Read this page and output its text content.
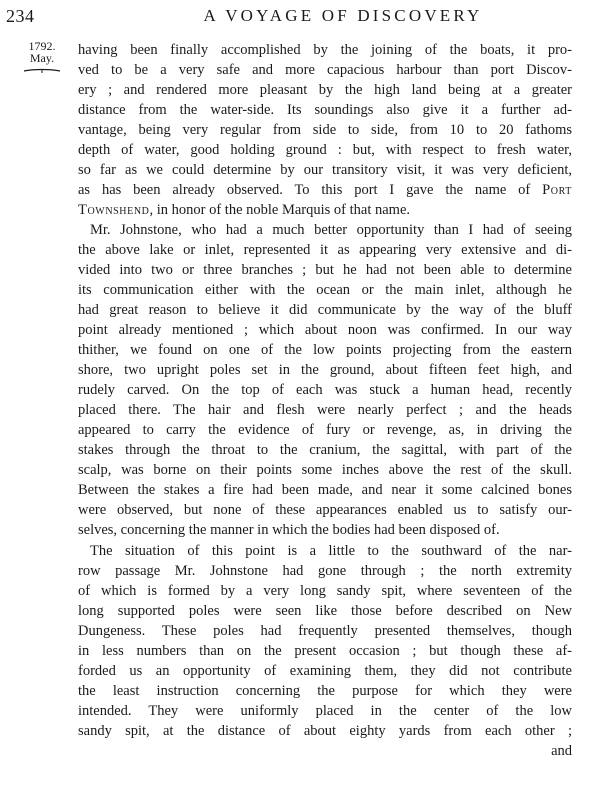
234	A VOYAGE OF DISCOVERY
1792.
May.	having been finally accomplished by the joining of the boats, it pro-
ved to be a very safe and more capacious harbour than port Discov-
ery ; and rendered more pleasant by the high land being at a greater
distance from the water-side. Its soundings also give it a further ad-
vantage, being very regular from side to side, from 10 to 20 fathoms
depth of water, good holding ground : but, with respect to fresh water,
so far as we could determine by our transitory visit, it was very deficient,
as has been already observed. To this port I gave the name of Port
Townshend, in honor of the noble Marquis of that name.
Mr. Johnstone, who had a much better opportunity than I had of seeing
the above lake or inlet, represented it as appearing very extensive and di-
vided into two or three branches ; but he had not been able to determine
its communication either with the ocean or the main inlet, although he
had great reason to believe it did communicate by the way of the bluff
point already mentioned ; which about noon was confirmed. In our way
thither, we found on one of the low points projecting from the eastern
shore, two upright poles set in the ground, about fifteen feet high, and
rudely carved. On the top of each was stuck a human head, recently
placed there. The hair and flesh were nearly perfect ; and the heads
appeared to carry the evidence of fury or revenge, as, in driving the
stakes through the throat to the cranium, the sagittal, with part of the
scalp, was borne on their points some inches above the rest of the skull.
Between the stakes a fire had been made, and near it some calcined bones
were observed, but none of these appearances enabled us to satisfy our-
selves, concerning the manner in which the bodies had been disposed of.
The situation of this point is a little to the southward of the nar-
row passage Mr. Johnstone had gone through ; the north extremity
of which is formed by a very long sandy spit, where seventeen of the
long supported poles were seen like those before described on New
Dungeness. These poles had frequently presented themselves, though
in less numbers than on the present occasion ; but though these af-
forded us an opportunity of examining them, they did not contribute
the least instruction concerning the purpose for which they were
intended. They were uniformly placed in the center of the low
sandy spit, at the distance of about eighty yards from each other ;
and
